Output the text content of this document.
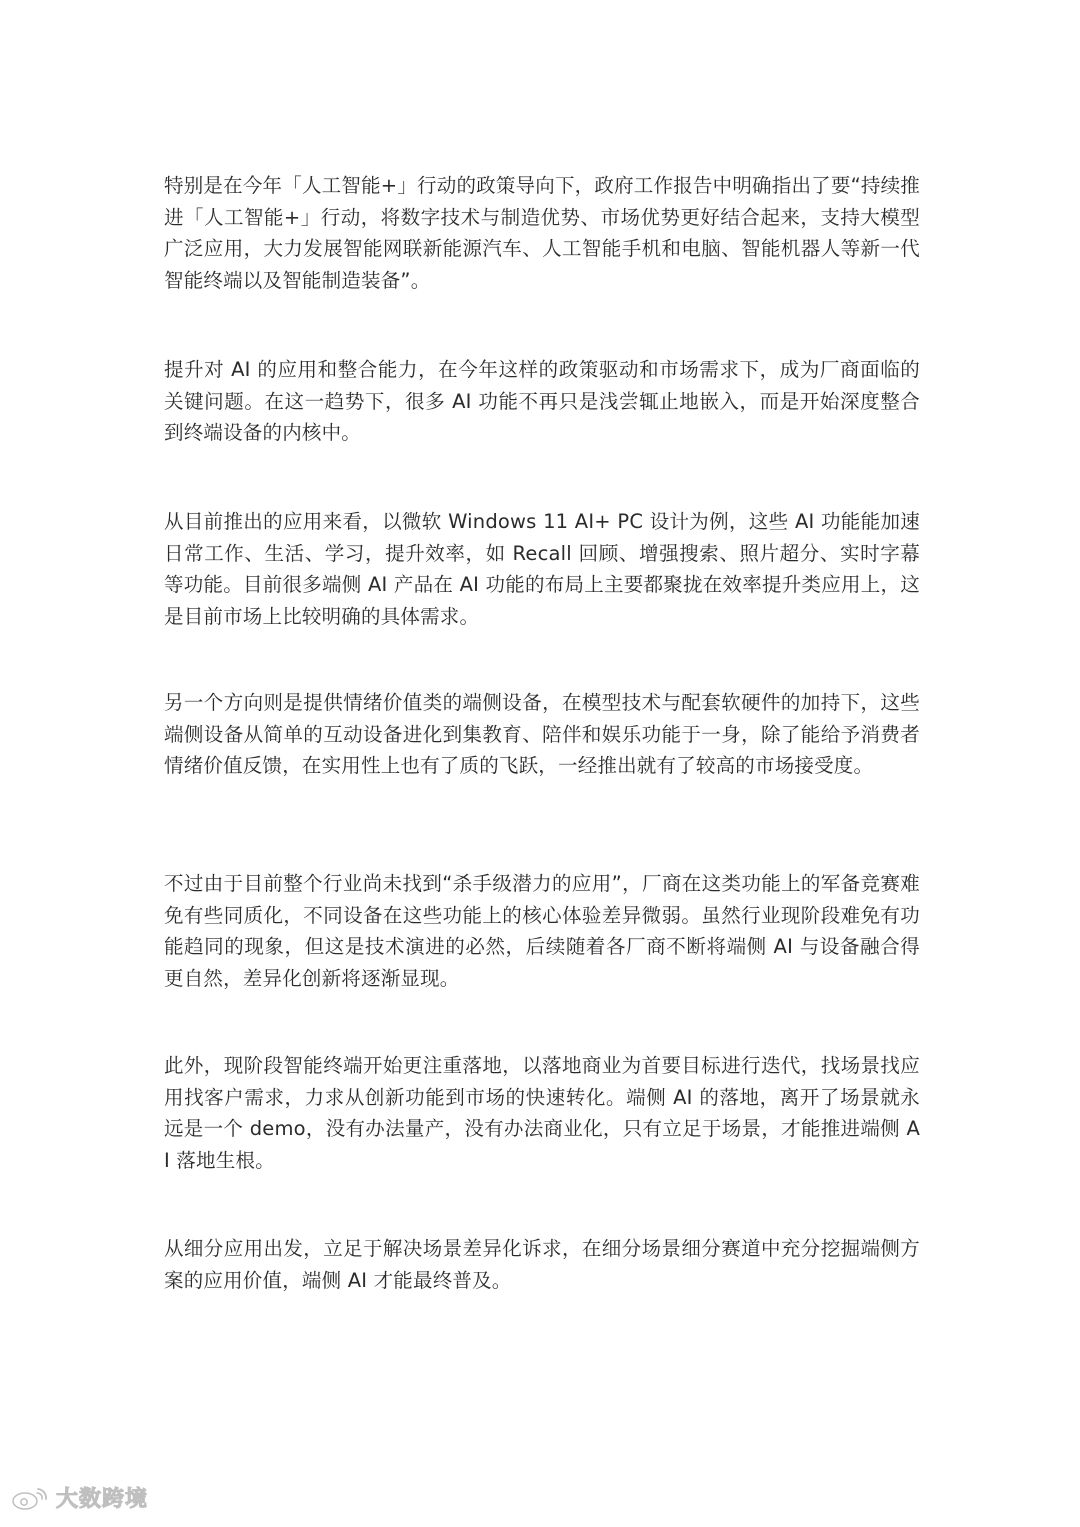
特别是在今年「人工智能+」行动的政策导向下，政府工作报告中明确指出了要“持续推进「人工智能+」行动，将数字技术与制造优势、市场优势更好结合起来，支持大模型广泛应用，大力发展智能网联新能源汽车、人工智能手机和电脑、智能机器人等新一代智能终端以及智能制造装备”。

提升对 AI 的应用和整合能力，在今年这样的政策驱动和市场需求下，成为厂商面临的关键问题。在这一趋势下，很多 AI 功能不再只是浅尝辄止地嵌入，而是开始深度整合到终端设备的内核中。

从目前推出的应用来看，以微软 Windows 11 AI+ PC 设计为例，这些 AI 功能能加速日常工作、生活、学习，提升效率，如 Recall 回顾、增强搜索、照片超分、实时字幕等功能。目前很多端侧 AI 产品在 AI 功能的布局上主要都聚拢在效率提升类应用上，这是目前市场上比较明确的具体需求。

另一个方向则是提供情绪价值类的端侧设备，在模型技术与配套软硬件的加持下，这些端侧设备从简单的互动设备进化到集教育、陪伴和娱乐功能于一身，除了能给予消费者情绪价值反馈，在实用性上也有了质的飞跃，一经推出就有了较高的市场接受度。

不过由于目前整个行业尚未找到“杀手级潜力的应用”，厂商在这类功能上的军备竞赛难免有些同质化，不同设备在这些功能上的核心体验差异微弱。虽然行业现阶段难免有功能趋同的现象，但这是技术演进的必然，后续随着各厂商不断将端侧 AI 与设备融合得更自然，差异化创新将逐渐显现。

此外，现阶段智能终端开始更注重落地，以落地商业为首要目标进行迭代，找场景找应用找客户需求，力求从创新功能到市场的快速转化。端侧 AI 的落地，离开了场景就永远是一个 demo，没有办法量产，没有办法商业化，只有立足于场景，才能推进端侧 AI 落地生根。

从细分应用出发，立足于解决场景差异化诉求，在细分场景细分赛道中充分挖掘端侧方案的应用价值，端侧 AI 才能最终普及。

大数跨境
